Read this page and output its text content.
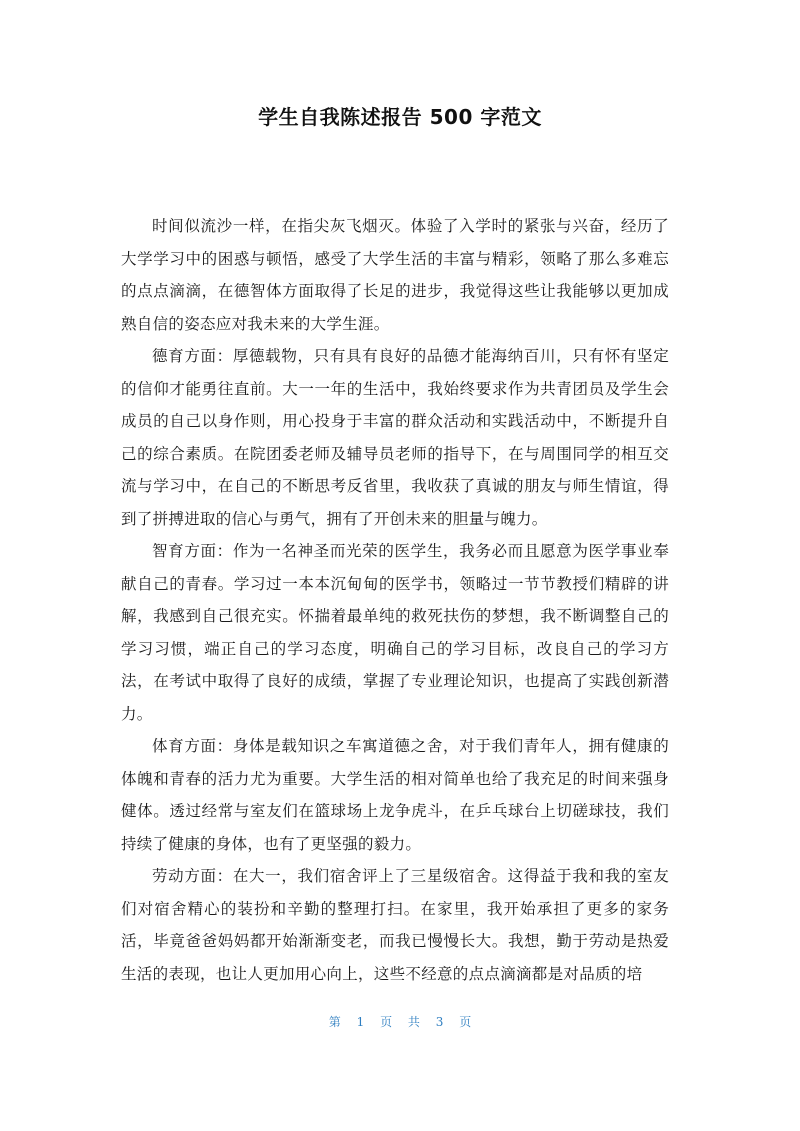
学生自我陈述报告 500 字范文

时间似流沙一样，在指尖灰飞烟灭。体验了入学时的紧张与兴奋，经历了大学学习中的困惑与顿悟，感受了大学生活的丰富与精彩，领略了那么多难忘的点点滴滴，在德智体方面取得了长足的进步，我觉得这些让我能够以更加成熟自信的姿态应对我未来的大学生涯。

德育方面：厚德载物，只有具有良好的品德才能海纳百川，只有怀有坚定的信仰才能勇往直前。大一一年的生活中，我始终要求作为共青团员及学生会成员的自己以身作则，用心投身于丰富的群众活动和实践活动中，不断提升自己的综合素质。在院团委老师及辅导员老师的指导下，在与周围同学的相互交流与学习中，在自己的不断思考反省里，我收获了真诚的朋友与师生情谊，得到了拼搏进取的信心与勇气，拥有了开创未来的胆量与魄力。

智育方面：作为一名神圣而光荣的医学生，我务必而且愿意为医学事业奉献自己的青春。学习过一本本沉甸甸的医学书，领略过一节节教授们精辟的讲解，我感到自己很充实。怀揣着最单纯的救死扶伤的梦想，我不断调整自己的学习习惯，端正自己的学习态度，明确自己的学习目标，改良自己的学习方法，在考试中取得了良好的成绩，掌握了专业理论知识，也提高了实践创新潜力。

体育方面：身体是载知识之车寓道德之舍，对于我们青年人，拥有健康的体魄和青春的活力尤为重要。大学生活的相对简单也给了我充足的时间来强身健体。透过经常与室友们在篮球场上龙争虎斗，在乒乓球台上切磋球技，我们持续了健康的身体，也有了更坚强的毅力。

劳动方面：在大一，我们宿舍评上了三星级宿舍。这得益于我和我的室友们对宿舍精心的装扮和辛勤的整理打扫。在家里，我开始承担了更多的家务活，毕竟爸爸妈妈都开始渐渐变老，而我已慢慢长大。我想，勤于劳动是热爱生活的表现，也让人更加用心向上，这些不经意的点点滴滴都是对品质的培

第 1 页 共 3 页
